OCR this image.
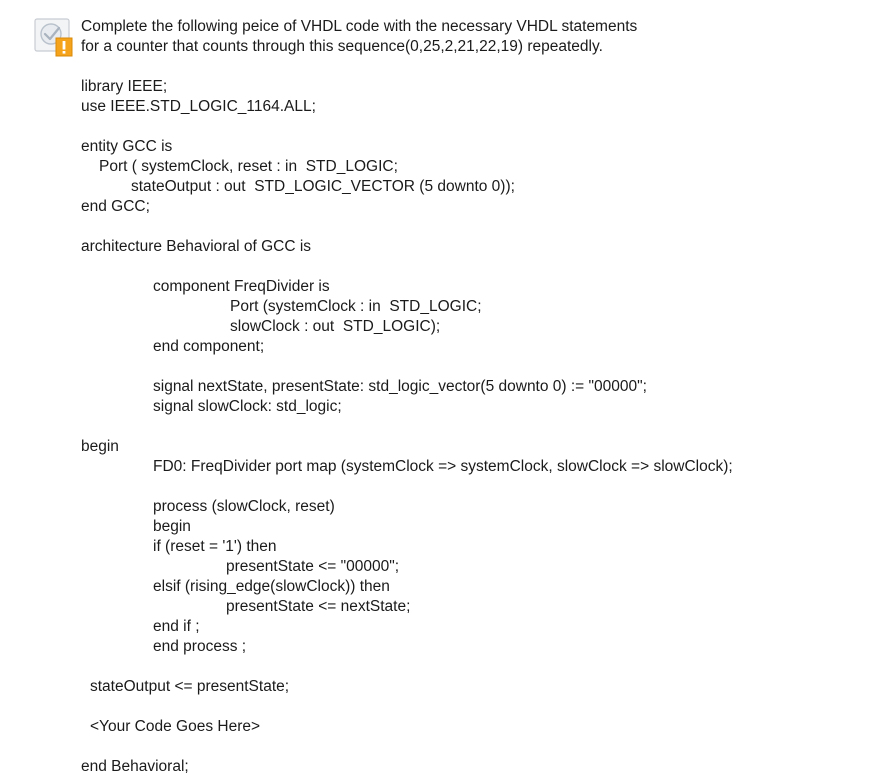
Complete the following peice of VHDL code with the necessary VHDL statements
for a counter that counts through this sequence(0,25,2,21,22,19) repeatedly.
library IEEE;
use IEEE.STD_LOGIC_1164.ALL;
entity GCC is
Port ( systemClock, reset : in  STD_LOGIC;
stateOutput : out  STD_LOGIC_VECTOR (5 downto 0));
end GCC;
architecture Behavioral of GCC is
component FreqDivider is
Port (systemClock : in  STD_LOGIC;
slowClock : out  STD_LOGIC);
end component;
signal nextState, presentState: std_logic_vector(5 downto 0) := "00000";
signal slowClock: std_logic;
begin
FD0: FreqDivider port map (systemClock => systemClock, slowClock => slowClock);
process (slowClock, reset)
begin
if (reset = '1') then
presentState <= "00000";
elsif (rising_edge(slowClock)) then
presentState <= nextState;
end if ;
end process ;
stateOutput <= presentState;
<Your Code Goes Here>
end Behavioral;
